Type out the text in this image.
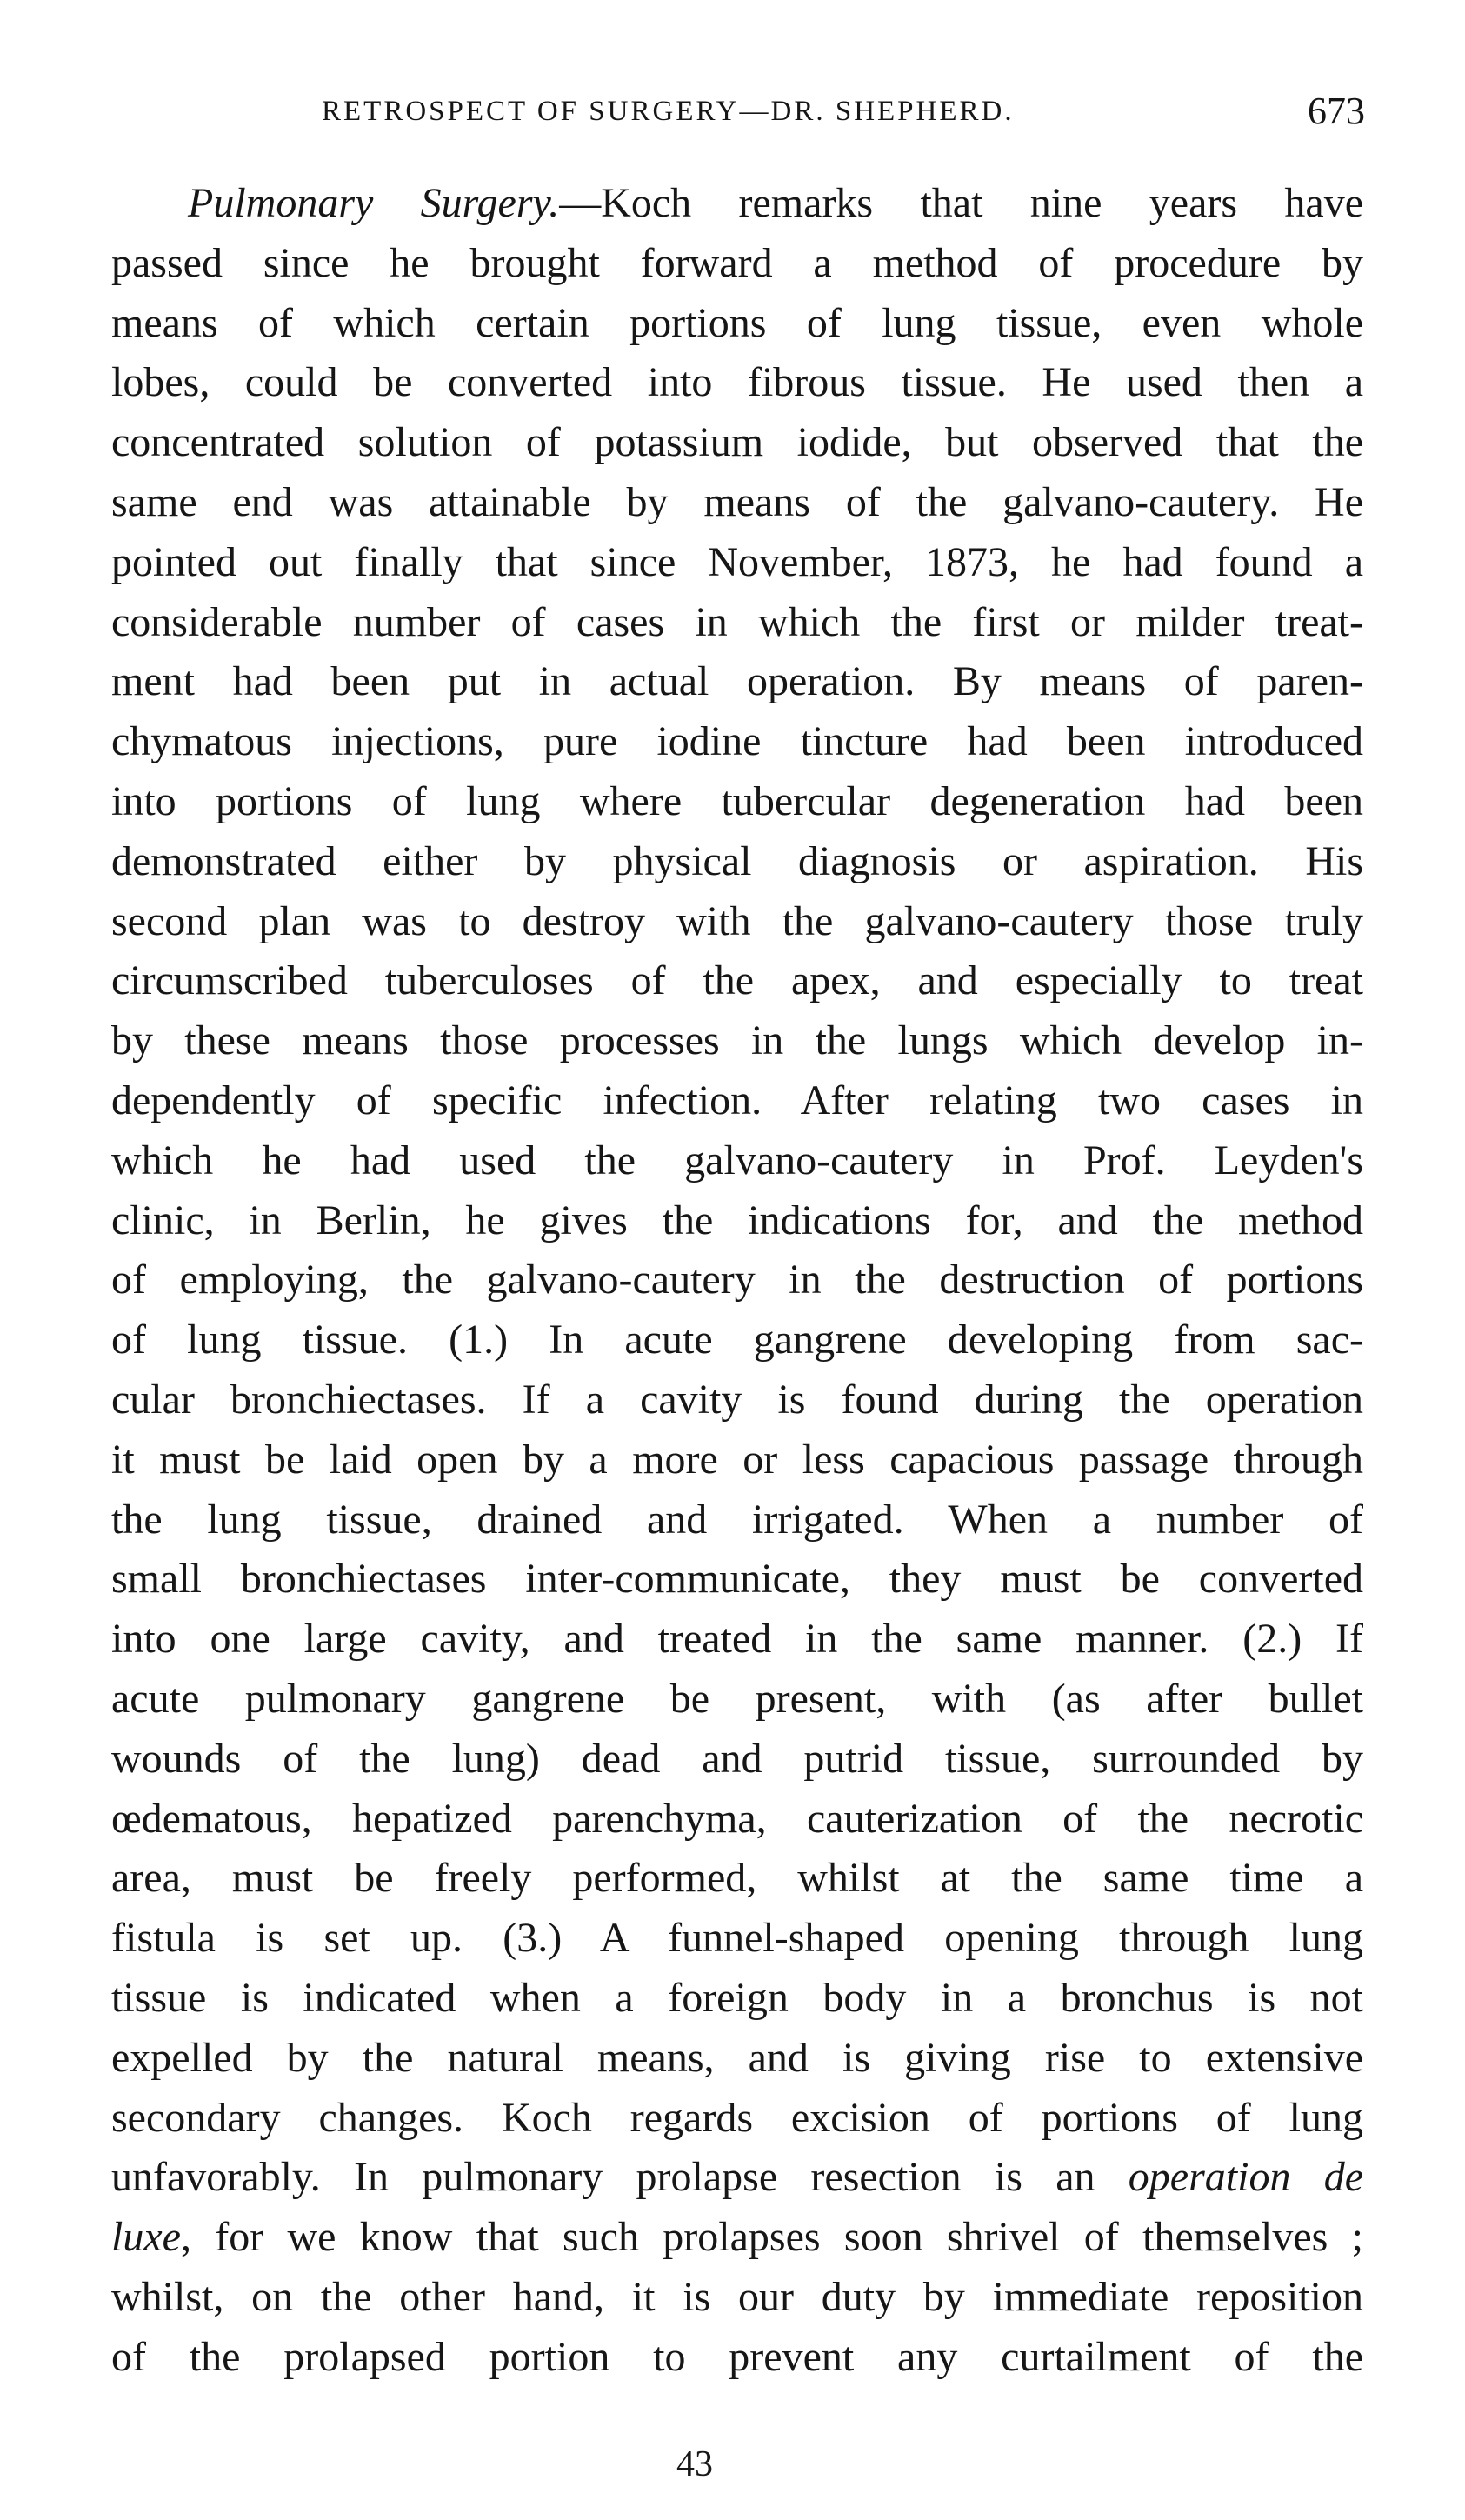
RETROSPECT OF SURGERY—DR. SHEPHERD.	673
Pulmonary Surgery.—Koch remarks that nine years have
passed since he brought forward a method of procedure by
means of which certain portions of lung tissue, even whole
lobes, could be converted into fibrous tissue. He used then a
concentrated solution of potassium iodide, but observed that the
same end was attainable by means of the galvano-cautery. He
pointed out finally that since November, 1873, he had found a
considerable number of cases in which the first or milder treat-
ment had been put in actual operation. By means of paren-
chymatous injections, pure iodine tincture had been introduced
into portions of lung where tubercular degeneration had been
demonstrated either by physical diagnosis or aspiration. His
second plan was to destroy with the galvano-cautery those truly
circumscribed tuberculoses of the apex, and especially to treat
by these means those processes in the lungs which develop in-
dependently of specific infection. After relating two cases in
which he had used the galvano-cautery in Prof. Leyden's
clinic, in Berlin, he gives the indications for, and the method
of employing, the galvano-cautery in the destruction of portions
of lung tissue. (1.) In acute gangrene developing from sac-
cular bronchiectases. If a cavity is found during the operation
it must be laid open by a more or less capacious passage through
the lung tissue, drained and irrigated. When a number of
small bronchiectases inter-communicate, they must be converted
into one large cavity, and treated in the same manner. (2.) If
acute pulmonary gangrene be present, with (as after bullet
wounds of the lung) dead and putrid tissue, surrounded by
œdematous, hepatized parenchyma, cauterization of the necrotic
area, must be freely performed, whilst at the same time a
fistula is set up. (3.) A funnel-shaped opening through lung
tissue is indicated when a foreign body in a bronchus is not
expelled by the natural means, and is giving rise to extensive
secondary changes. Koch regards excision of portions of lung
unfavorably. In pulmonary prolapse resection is an operation de
luxe, for we know that such prolapses soon shrivel of themselves ;
whilst, on the other hand, it is our duty by immediate reposition
of the prolapsed portion to prevent any curtailment of the
43
